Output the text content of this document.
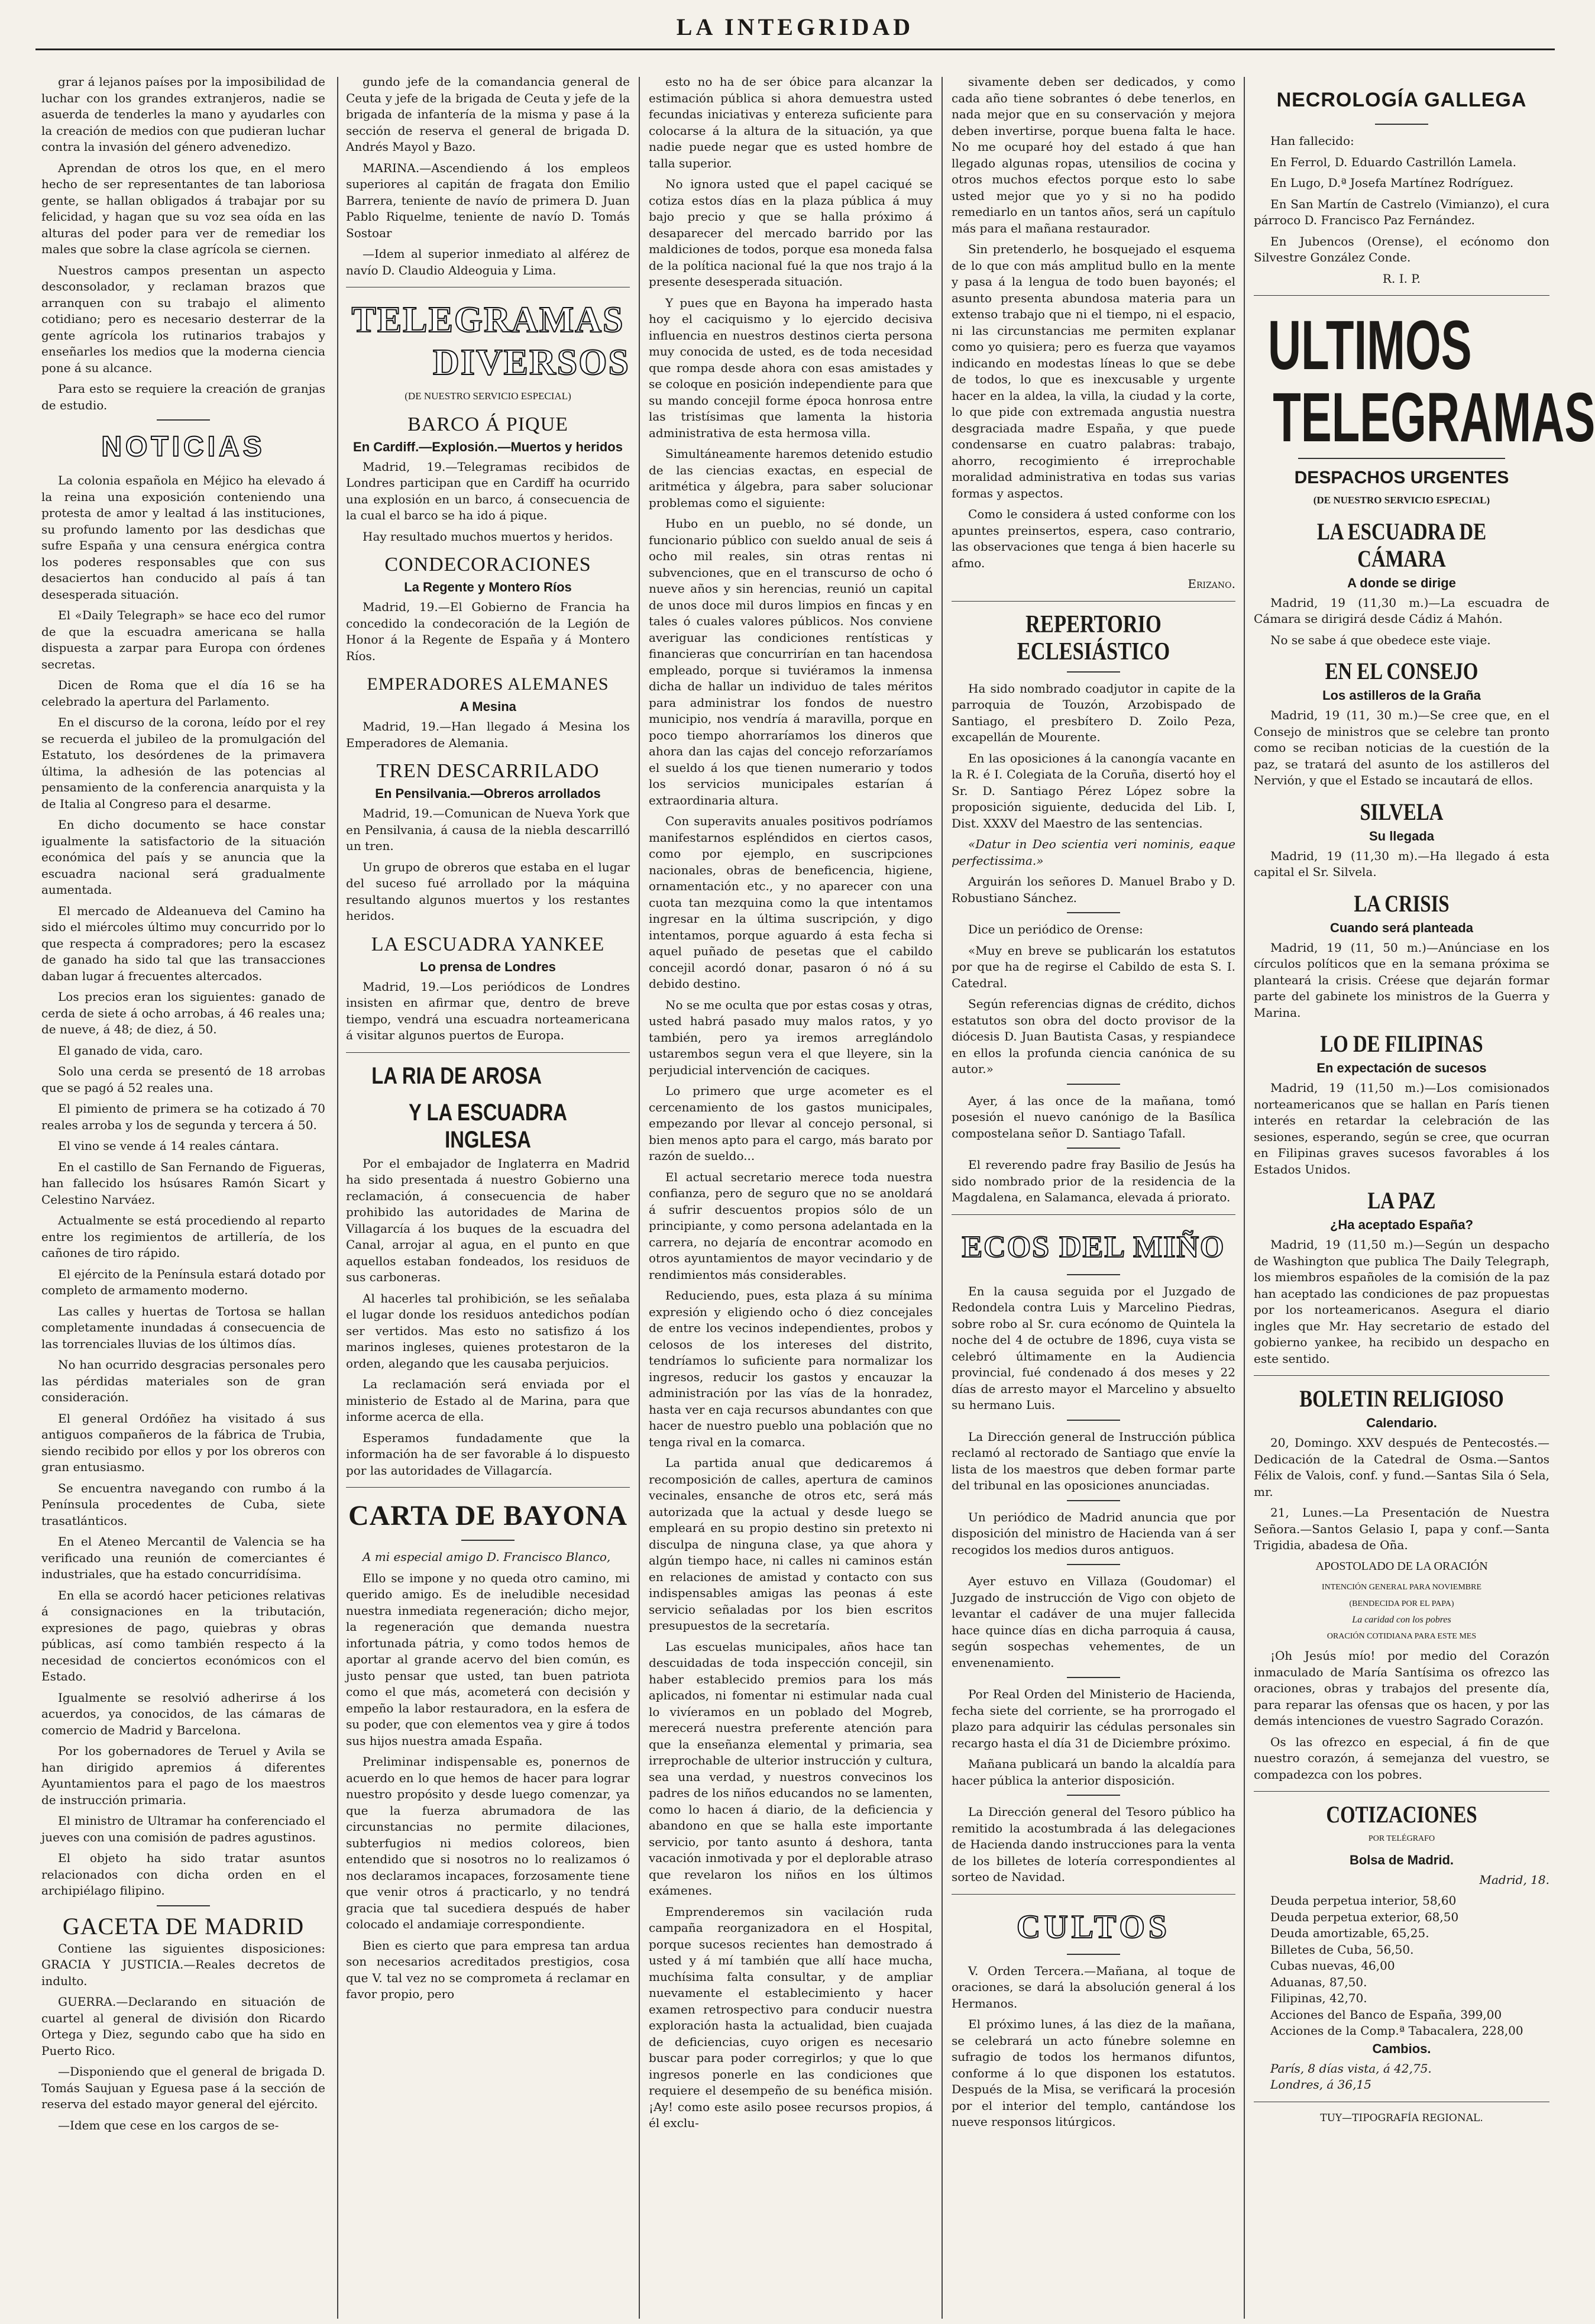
LA INTEGRIDAD

grar á lejanos países por la imposibilidad de luchar con los grandes extranjeros, nadie se asuerda de tenderles la mano y ayudarles con la creación de medios con que pudieran luchar contra la invasión del género advenedizo.

Aprendan de otros los que, en el mero hecho de ser representantes de tan laboriosa gente, se hallan obligados á trabajar por su felicidad, y hagan que su voz sea oída en las alturas del poder para ver de remediar los males que sobre la clase agrícola se ciernen.

Nuestros campos presentan un aspecto desconsolador, y reclaman brazos que arranquen con su trabajo el alimento cotidiano; pero es necesario desterrar de la gente agrícola los rutinarios trabajos y enseñarles los medios que la moderna ciencia pone á su alcance.

Para esto se requiere la creación de granjas de estudio.

NOTICIAS

La colonia española en Méjico ha elevado á la reina una exposición conteniendo una protesta de amor y lealtad á las instituciones, su profundo lamento por las desdichas que sufre España y una censura enérgica contra los poderes responsables que con sus desaciertos han conducido al país á tan desesperada situación.

El «Daily Telegraph» se hace eco del rumor de que la escuadra americana se halla dispuesta a zarpar para Europa con órdenes secretas.

Dicen de Roma que el día 16 se ha celebrado la apertura del Parlamento.

En el discurso de la corona, leído por el rey se recuerda el jubileo de la promulgación del Estatuto, los desórdenes de la primavera última, la adhesión de las potencias al pensamiento de la conferencia anarquista y la de Italia al Congreso para el desarme.

En dicho documento se hace constar igualmente la satisfactorio de la situación económica del país y se anuncia que la escuadra nacional será gradualmente aumentada.

El mercado de Aldeanueva del Camino ha sido el miércoles último muy concurrido por lo que respecta á compradores; pero la escasez de ganado ha sido tal que las transacciones daban lugar á frecuentes altercados.

Los precios eran los siguientes: ganado de cerda de siete á ocho arrobas, á 46 reales una; de nueve, á 48; de diez, á 50.

El ganado de vida, caro.

Solo una cerda se presentó de 18 arrobas que se pagó á 52 reales una.

El pimiento de primera se ha cotizado á 70 reales arroba y los de segunda y tercera á 50.

El vino se vende á 14 reales cántara.

En el castillo de San Fernando de Figueras, han fallecido los hsúsares Ramón Sicart y Celestino Narváez.

Actualmente se está procediendo al reparto entre los regimientos de artillería, de los cañones de tiro rápido.

El ejército de la Península estará dotado por completo de armamento moderno.

Las calles y huertas de Tortosa se hallan completamente inundadas á consecuencia de las torrenciales lluvias de los últimos días.

No han ocurrido desgracias personales pero las pérdidas materiales son de gran consideración.

El general Ordóñez ha visitado á sus antiguos compañeros de la fábrica de Trubia, siendo recibido por ellos y por los obreros con gran entusiasmo.

Se encuentra navegando con rumbo á la Península procedentes de Cuba, siete trasatlánticos.

En el Ateneo Mercantil de Valencia se ha verificado una reunión de comerciantes é industriales, que ha estado concurridísima.

En ella se acordó hacer peticiones relativas á consignaciones en la tributación, expresiones de pago, quiebras y obras públicas, así como también respecto á la necesidad de conciertos económicos con el Estado.

Igualmente se resolvió adherirse á los acuerdos, ya conocidos, de las cámaras de comercio de Madrid y Barcelona.

Por los gobernadores de Teruel y Avila se han dirigido apremios á diferentes Ayuntamientos para el pago de los maestros de instrucción primaria.

El ministro de Ultramar ha conferenciado el jueves con una comisión de padres agustinos.

El objeto ha sido tratar asuntos relacionados con dicha orden en el archipiélago filipino.

GACETA DE MADRID

Contiene las siguientes disposiciones: GRACIA Y JUSTICIA.—Reales decretos de indulto.

GUERRA.—Declarando en situación de cuartel al general de división don Ricardo Ortega y Diez, segundo cabo que ha sido en Puerto Rico.

—Disponiendo que el general de brigada D. Tomás Saujuan y Eguesa pase á la sección de reserva del estado mayor general del ejército.

—Idem que cese en los cargos de se-

gundo jefe de la comandancia general de Ceuta y jefe de la brigada de Ceuta y jefe de la brigada de infantería de la misma y pase á la sección de reserva el general de brigada D. Andrés Mayol y Bazo.

MARINA.—Ascendiendo á los empleos superiores al capitán de fragata don Emilio Barrera, teniente de navío de primera D. Juan Pablo Riquelme, teniente de navío D. Tomás Sostoar

—Idem al superior inmediato al alférez de navío D. Claudio Aldeoguia y Lima.

TELEGRAMAS
DIVERSOS
(DE NUESTRO SERVICIO ESPECIAL)
BARCO Á PIQUE
En Cardiff.—Explosión.—Muertos y heridos

Madrid, 19.—Telegramas recibidos de Londres participan que en Cardiff ha ocurrido una explosión en un barco, á consecuencia de la cual el barco se ha ido á pique.

Hay resultado muchos muertos y heridos.

CONDECORACIONES
La Regente y Montero Ríos

Madrid, 19.—El Gobierno de Francia ha concedido la condecoración de la Legión de Honor á la Regente de España y á Montero Ríos.

EMPERADORES ALEMANES
A Mesina

Madrid, 19.—Han llegado á Mesina los Emperadores de Alemania.

TREN DESCARRILADO
En Pensilvania.—Obreros arrollados

Madrid, 19.—Comunican de Nueva York que en Pensilvania, á causa de la niebla descarrilló un tren.

Un grupo de obreros que estaba en el lugar del suceso fué arrollado por la máquina resultando algunos muertos y los restantes heridos.

LA ESCUADRA YANKEE
Lo prensa de Londres

Madrid, 19.—Los periódicos de Londres insisten en afirmar que, dentro de breve tiempo, vendrá una escuadra norteamericana á visitar algunos puertos de Europa.

LA RIA DE AROSA
Y LA ESCUADRA INGLESA

Por el embajador de Inglaterra en Madrid ha sido presentada á nuestro Gobierno una reclamación, á consecuencia de haber prohibido las autoridades de Marina de Villagarcía á los buques de la escuadra del Canal, arrojar al agua, en el punto en que aquellos estaban fondeados, los residuos de sus carboneras.

Al hacerles tal prohibición, se les señalaba el lugar donde los residuos antedichos podían ser vertidos. Mas esto no satisfizo á los marinos ingleses, quienes protestaron de la orden, alegando que les causaba perjuicios.

La reclamación será enviada por el ministerio de Estado al de Marina, para que informe acerca de ella.

Esperamos fundadamente que la información ha de ser favorable á lo dispuesto por las autoridades de Villagarcía.

CARTA DE BAYONA

A mi especial amigo D. Francisco Blanco,

Ello se impone y no queda otro camino, mi querido amigo. Es de ineludible necesidad nuestra inmediata regeneración; dicho mejor, la regeneración que demanda nuestra infortunada pátria, y como todos hemos de aportar al grande acervo del bien común, es justo pensar que usted, tan buen patriota como el que más, acometerá con decisión y empeño la labor restauradora, en la esfera de su poder, que con elementos vea y gire á todos sus hijos nuestra amada España.

Preliminar indispensable es, ponernos de acuerdo en lo que hemos de hacer para lograr nuestro propósito y desde luego comenzar, ya que la fuerza abrumadora de las circunstancias no permite dilaciones, subterfugios ni medios coloreos, bien entendido que si nosotros no lo realizamos ó nos declaramos incapaces, forzosamente tiene que venir otros á practicarlo, y no tendrá gracia que tal sucediera después de haber colocado el andamiaje correspondiente.

Bien es cierto que para empresa tan ardua son necesarios acreditados prestigios, cosa que V. tal vez no se comprometa á reclamar en favor propio, pero

esto no ha de ser óbice para alcanzar la estimación pública si ahora demuestra usted fecundas iniciativas y entereza suficiente para colocarse á la altura de la situación, ya que nadie puede negar que es usted hombre de talla superior.

No ignora usted que el papel caciqué se cotiza estos días en la plaza pública á muy bajo precio y que se halla próximo á desaparecer del mercado barrido por las maldiciones de todos, porque esa moneda falsa de la política nacional fué la que nos trajo á la presente desesperada situación.

Y pues que en Bayona ha imperado hasta hoy el caciquismo y lo ejercido decisiva influencia en nuestros destinos cierta persona muy conocida de usted, es de toda necesidad que rompa desde ahora con esas amistades y se coloque en posición independiente para que su mando concejil forme época honrosa entre las tristísimas que lamenta la historia administrativa de esta hermosa villa.

Simultáneamente haremos detenido estudio de las ciencias exactas, en especial de aritmética y álgebra, para saber solucionar problemas como el siguiente:

Hubo en un pueblo, no sé donde, un funcionario público con sueldo anual de seis á ocho mil reales, sin otras rentas ni subvenciones, que en el transcurso de ocho ó nueve años y sin herencias, reunió un capital de unos doce mil duros limpios en fincas y en tales ó cuales valores públicos. Nos conviene averiguar las condiciones rentísticas y financieras que concurrirían en tan hacendosa empleado, porque si tuviéramos la inmensa dicha de hallar un individuo de tales méritos para administrar los fondos de nuestro municipio, nos vendría á maravilla, porque en poco tiempo ahorraríamos los dineros que ahora dan las cajas del concejo reforzaríamos el sueldo á los que tienen numerario y todos los servicios municipales estarían á extraordinaria altura.

Con superavits anuales positivos podríamos manifestarnos espléndidos en ciertos casos, como por ejemplo, en suscripciones nacionales, obras de beneficencia, higiene, ornamentación etc., y no aparecer con una cuota tan mezquina como la que intentamos ingresar en la última suscripción, y digo intentamos, porque aguardo á esta fecha si aquel puñado de pesetas que el cabildo concejil acordó donar, pasaron ó nó á su debido destino.

No se me oculta que por estas cosas y otras, usted habrá pasado muy malos ratos, y yo también, pero ya iremos arreglándolo ustarembos segun vera el que lleyere, sin la perjudicial intervención de caciques.

Lo primero que urge acometer es el cercenamiento de los gastos municipales, empezando por llevar al concejo personal, si bien menos apto para el cargo, más barato por razón de sueldo...

El actual secretario merece toda nuestra confianza, pero de seguro que no se anoldará á sufrir descuentos propios sólo de un principiante, y como persona adelantada en la carrera, no dejaría de encontrar acomodo en otros ayuntamientos de mayor vecindario y de rendimientos más considerables.

Reduciendo, pues, esta plaza á su mínima expresión y eligiendo ocho ó diez concejales de entre los vecinos independientes, probos y celosos de los intereses del distrito, tendríamos lo suficiente para normalizar los ingresos, reducir los gastos y encauzar la administración por las vías de la honradez, hasta ver en caja recursos abundantes con que hacer de nuestro pueblo una población que no tenga rival en la comarca.

La partida anual que dedicaremos á recomposición de calles, apertura de caminos vecinales, ensanche de otros etc, será más autorizada que la actual y desde luego se empleará en su propio destino sin pretexto ni disculpa de ninguna clase, ya que ahora y algún tiempo hace, ni calles ni caminos están en relaciones de amistad y contacto con sus indispensables amigas las peonas á este servicio señaladas por los bien escritos presupuestos de la secretaría.

Las escuelas municipales, años hace tan descuidadas de toda inspección concejil, sin haber establecido premios para los más aplicados, ni fomentar ni estimular nada cual lo vivíeramos en un poblado del Mogreb, merecerá nuestra preferente atención para que la enseñanza elemental y primaria, sea irreprochable de ulterior instrucción y cultura, sea una verdad, y nuestros convecinos los padres de los niños educandos no se lamenten, como lo hacen á diario, de la deficiencia y abandono en que se halla este importante servicio, por tanto asunto á deshora, tanta vacación inmotivada y por el deplorable atraso que revelaron los niños en los últimos exámenes.

Emprenderemos sin vacilación ruda campaña reorganizadora en el Hospital, porque sucesos recientes han demostrado á usted y á mí también que allí hace mucha, muchísima falta consultar, y de ampliar nuevamente el establecimiento y hacer examen retrospectivo para conducir nuestra exploración hasta la actualidad, bien cuajada de deficiencias, cuyo origen es necesario buscar para poder corregirlos; y que lo que ingresos ponerle en las condiciones que requiere el desempeño de su benéfica misión. ¡Ay! como este asilo posee recursos propios, á él exclu-

sivamente deben ser dedicados, y como cada año tiene sobrantes ó debe tenerlos, en nada mejor que en su conservación y mejora deben invertirse, porque buena falta le hace. No me ocuparé hoy del estado á que han llegado algunas ropas, utensilios de cocina y otros muchos efectos porque esto lo sabe usted mejor que yo y si no ha podido remediarlo en un tantos años, será un capítulo más para el mañana restaurador.

Sin pretenderlo, he bosquejado el esquema de lo que con más amplitud bullo en la mente y pasa á la lengua de todo buen bayonés; el asunto presenta abundosa materia para un extenso trabajo que ni el tiempo, ni el espacio, ni las circunstancias me permiten explanar como yo quisiera; pero es fuerza que vayamos indicando en modestas líneas lo que se debe de todos, lo que es inexcusable y urgente hacer en la aldea, la villa, la ciudad y la corte, lo que pide con extremada angustia nuestra desgraciada madre España, y que puede condensarse en cuatro palabras: trabajo, ahorro, recogimiento é irreprochable moralidad administrativa en todas sus varias formas y aspectos.

Como le considera á usted conforme con los apuntes preinsertos, espera, caso contrario, las observaciones que tenga á bien hacerle su afmo.

Erizano.

REPERTORIO ECLESIÁSTICO

Ha sido nombrado coadjutor in capite de la parroquia de Touzón, Arzobispado de Santiago, el presbítero D. Zoilo Peza, excapellán de Mourente.

En las oposiciones á la canongía vacante en la R. é I. Colegiata de la Coruña, disertó hoy el Sr. D. Santiago Pérez López sobre la proposición siguiente, deducida del Lib. I, Dist. XXXV del Maestro de las sentencias.

«Datur in Deo scientia veri nominis, eaque perfectissima.»

Arguirán los señores D. Manuel Brabo y D. Robustiano Sánchez.

Dice un periódico de Orense:

«Muy en breve se publicarán los estatutos por que ha de regirse el Cabildo de esta S. I. Catedral.

Según referencias dignas de crédito, dichos estatutos son obra del docto provisor de la diócesis D. Juan Bautista Casas, y respiandece en ellos la profunda ciencia canónica de su autor.»

Ayer, á las once de la mañana, tomó posesión el nuevo canónigo de la Basílica compostelana señor D. Santiago Tafall.

El reverendo padre fray Basilio de Jesús ha sido nombrado prior de la residencia de la Magdalena, en Salamanca, elevada á priorato.

ECOS DEL MIÑO

En la causa seguida por el Juzgado de Redondela contra Luis y Marcelino Piedras, sobre robo al Sr. cura ecónomo de Quintela la noche del 4 de octubre de 1896, cuya vista se celebró últimamente en la Audiencia provincial, fué condenado á dos meses y 22 días de arresto mayor el Marcelino y absuelto su hermano Luis.

La Dirección general de Instrucción pública reclamó al rectorado de Santiago que envíe la lista de los maestros que deben formar parte del tribunal en las oposiciones anunciadas.

Un periódico de Madrid anuncia que por disposición del ministro de Hacienda van á ser recogidos los medios duros antiguos.

Ayer estuvo en Villaza (Goudomar) el Juzgado de instrucción de Vigo con objeto de levantar el cadáver de una mujer fallecida hace quince días en dicha parroquia á causa, según sospechas vehementes, de un envenenamiento.

Por Real Orden del Ministerio de Hacienda, fecha siete del corriente, se ha prorrogado el plazo para adquirir las cédulas personales sin recargo hasta el día 31 de Diciembre próximo.

Mañana publicará un bando la alcaldía para hacer pública la anterior disposición.

La Dirección general del Tesoro público ha remitido la acostumbrada á las delegaciones de Hacienda dando instrucciones para la venta de los billetes de lotería correspondientes al sorteo de Navidad.

CULTOS

V. Orden Tercera.—Mañana, al toque de oraciones, se dará la absolución general á los Hermanos.

El próximo lunes, á las diez de la mañana, se celebrará un acto fúnebre solemne en sufragio de todos los hermanos difuntos, conforme á lo que disponen los estatutos. Después de la Misa, se verificará la procesión por el interior del templo, cantándose los nueve responsos litúrgicos.

NECROLOGÍA GALLEGA

Han fallecido:

En Ferrol, D. Eduardo Castrillón Lamela.

En Lugo, D.ª Josefa Martínez Rodríguez.

En San Martín de Castrelo (Vimianzo), el cura párroco D. Francisco Paz Fernández.

En Jubencos (Orense), el ecónomo don Silvestre González Conde.

R. I. P.

ULTIMOS
TELEGRAMAS
DESPACHOS URGENTES
(DE NUESTRO SERVICIO ESPECIAL)
LA ESCUADRA DE CÁMARA
A donde se dirige

Madrid, 19 (11,30 m.)—La escuadra de Cámara se dirigirá desde Cádiz á Mahón.

No se sabe á que obedece este viaje.

EN EL CONSEJO
Los astilleros de la Graña

Madrid, 19 (11, 30 m.)—Se cree que, en el Consejo de ministros que se celebre tan pronto como se reciban noticias de la cuestión de la paz, se tratará del asunto de los astilleros del Nervión, y que el Estado se incautará de ellos.

SILVELA
Su llegada

Madrid, 19 (11,30 m).—Ha llegado á esta capital el Sr. Silvela.

LA CRISIS
Cuando será planteada

Madrid, 19 (11, 50 m.)—Anúnciase en los círculos políticos que en la semana próxima se planteará la crisis. Créese que dejarán formar parte del gabinete los ministros de la Guerra y Marina.

LO DE FILIPINAS
En expectación de sucesos

Madrid, 19 (11,50 m.)—Los comisionados norteamericanos que se hallan en París tienen interés en retardar la celebración de las sesiones, esperando, según se cree, que ocurran en Filipinas graves sucesos favorables á los Estados Unidos.

LA PAZ
¿Ha aceptado España?

Madrid, 19 (11,50 m.)—Según un despacho de Washington que publica The Daily Telegraph, los miembros españoles de la comisión de la paz han aceptado las condiciones de paz propuestas por los norteamericanos. Asegura el diario ingles que Mr. Hay secretario de estado del gobierno yankee, ha recibido un despacho en este sentido.

BOLETIN RELIGIOSO
Calendario.

20, Domingo. XXV después de Pentecostés.—Dedicación de la Catedral de Osma.—Santos Félix de Valois, conf. y fund.—Santas Sila ó Sela, mr.

21, Lunes.—La Presentación de Nuestra Señora.—Santos Gelasio I, papa y conf.—Santa Trigidia, abadesa de Oña.

APOSTOLADO DE LA ORACIÓN
INTENCIÓN GENERAL PARA NOVIEMBRE
(BENDECIDA POR EL PAPA)
La caridad con los pobres
ORACIÓN COTIDIANA PARA ESTE MES

¡Oh Jesús mío! por medio del Corazón inmaculado de María Santísima os ofrezco las oraciones, obras y trabajos del presente día, para reparar las ofensas que os hacen, y por las demás intenciones de vuestro Sagrado Corazón.

Os las ofrezco en especial, á fin de que nuestro corazón, á semejanza del vuestro, se compadezca con los pobres.

COTIZACIONES
POR TELÉGRAFO
Bolsa de Madrid.

Madrid, 18.

Deuda perpetua interior, 58,60

Deuda perpetua exterior, 68,50

Deuda amortizable, 65,25.

Billetes de Cuba, 56,50.

Cubas nuevas, 46,00

Aduanas, 87,50.

Filipinas, 42,70.

Acciones del Banco de España, 399,00

Acciones de la Comp.ª Tabacalera, 228,00

Cambios.

París, 8 días vista, á 42,75.

Londres, á 36,15

TUY—TIPOGRAFÍA REGIONAL.
